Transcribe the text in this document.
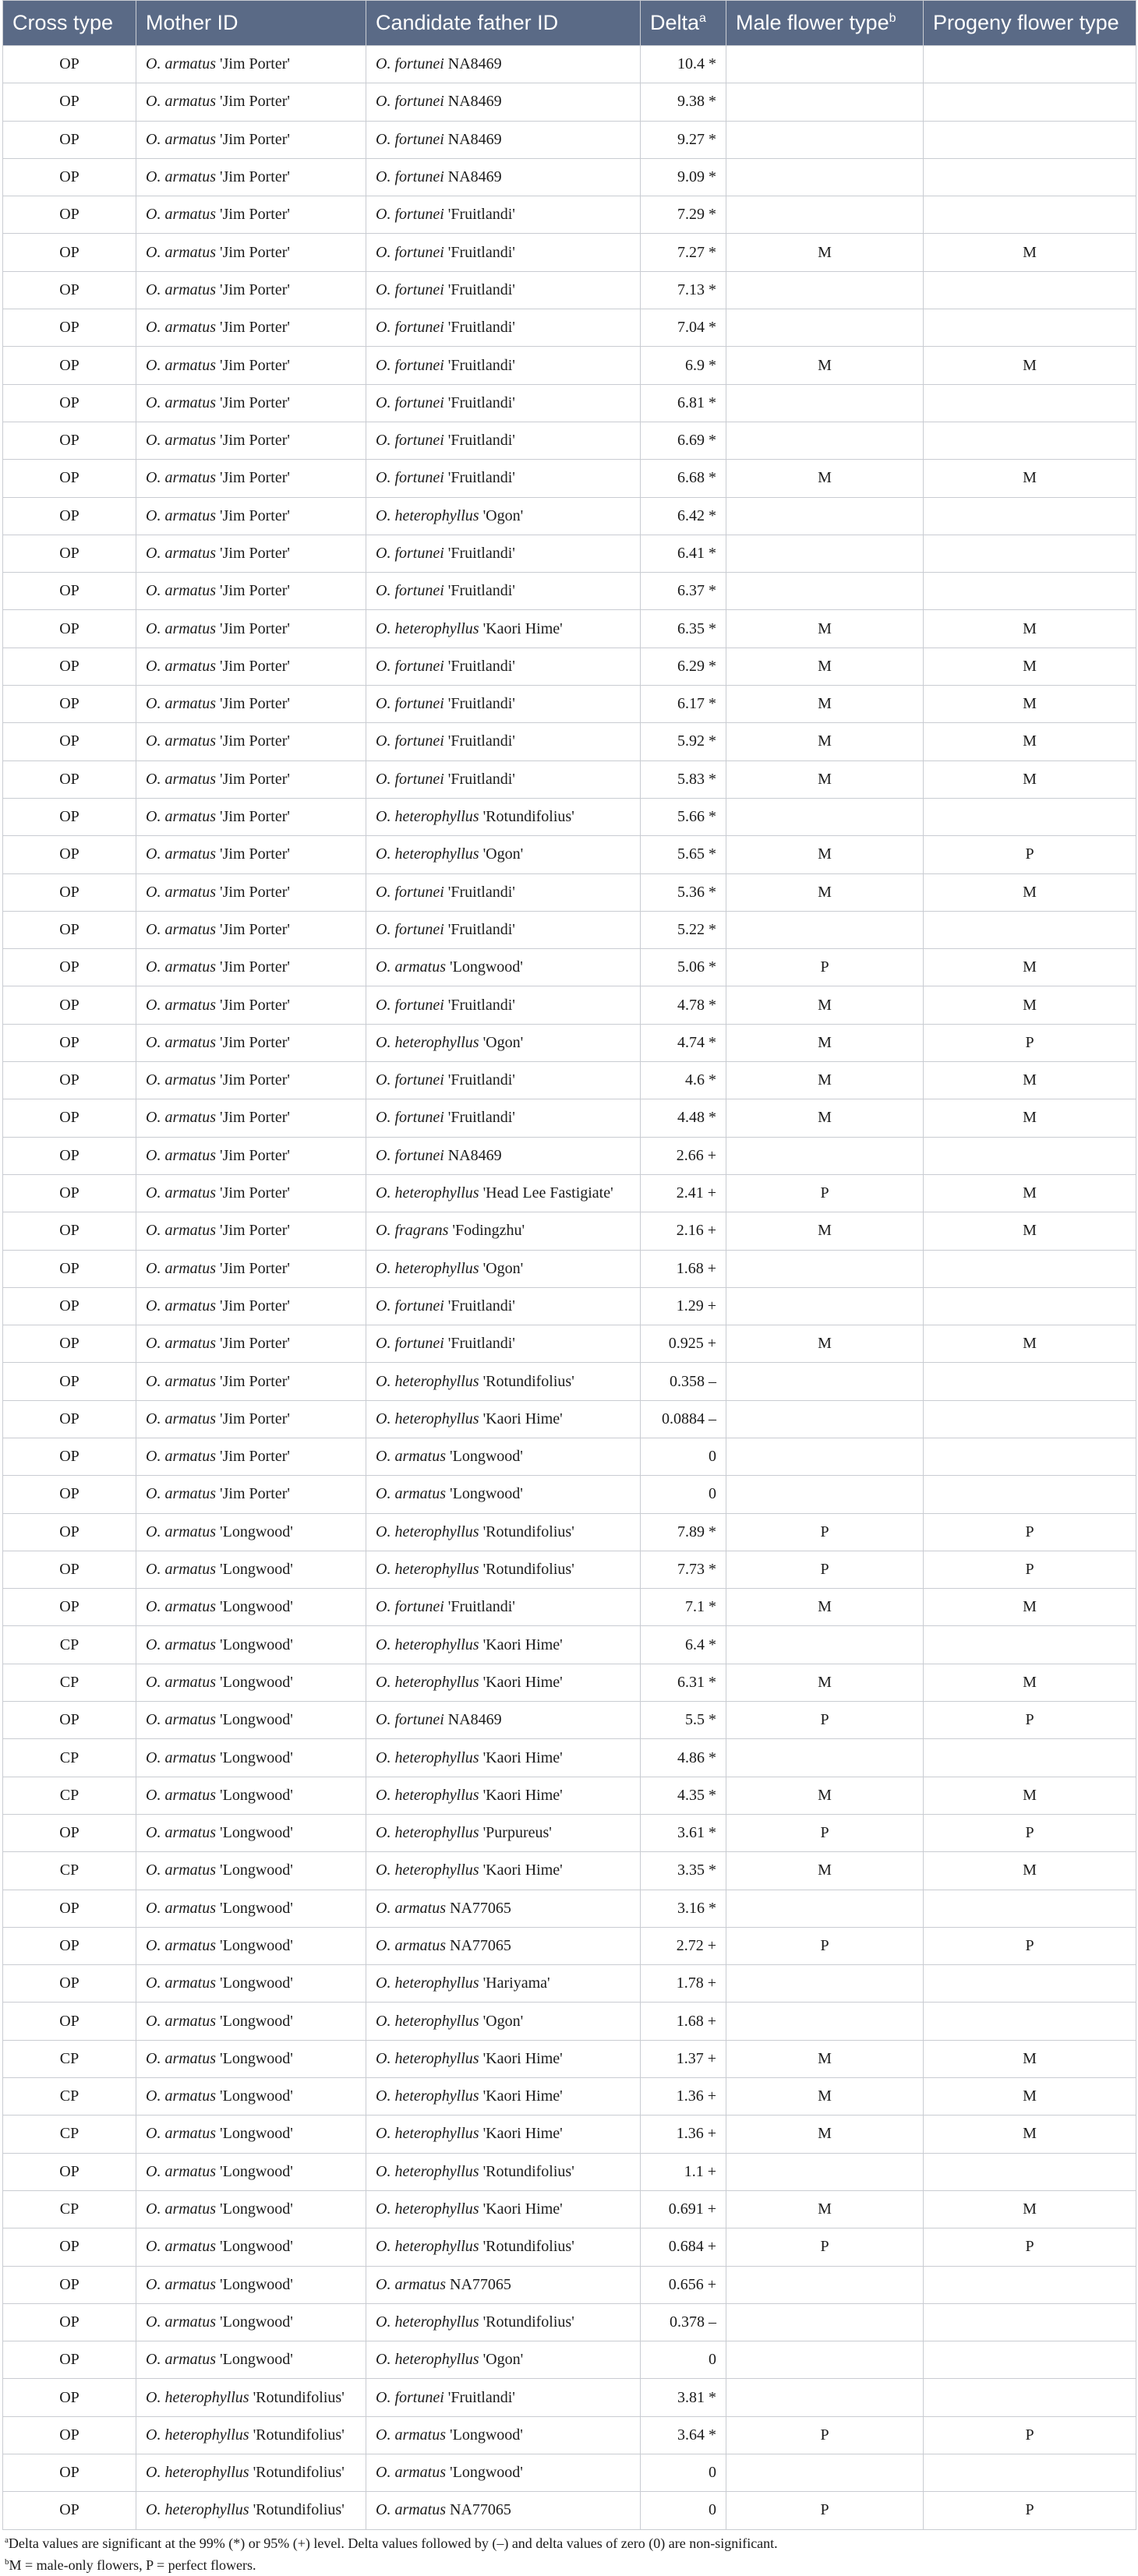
Cross type	Mother ID	Candidate father ID	Delta$^a$	Male flower type$^b$	Progeny flower type
OP	O. armatus 'Jim Porter'	O. fortunei NA8469	10.4 *		
OP	O. armatus 'Jim Porter'	O. fortunei NA8469	9.38 *		
OP	O. armatus 'Jim Porter'	O. fortunei NA8469	9.27 *		
OP	O. armatus 'Jim Porter'	O. fortunei NA8469	9.09 *		
OP	O. armatus 'Jim Porter'	O. fortunei 'Fruitlandi'	7.29 *		
OP	O. armatus 'Jim Porter'	O. fortunei 'Fruitlandi'	7.27 *	M	M
OP	O. armatus 'Jim Porter'	O. fortunei 'Fruitlandi'	7.13 *		
OP	O. armatus 'Jim Porter'	O. fortunei 'Fruitlandi'	7.04 *		
OP	O. armatus 'Jim Porter'	O. fortunei 'Fruitlandi'	6.9 *	M	M
OP	O. armatus 'Jim Porter'	O. fortunei 'Fruitlandi'	6.81 *		
OP	O. armatus 'Jim Porter'	O. fortunei 'Fruitlandi'	6.69 *		
OP	O. armatus 'Jim Porter'	O. fortunei 'Fruitlandi'	6.68 *	M	M
OP	O. armatus 'Jim Porter'	O. heterophyllus 'Ogon'	6.42 *		
OP	O. armatus 'Jim Porter'	O. fortunei 'Fruitlandi'	6.41 *		
OP	O. armatus 'Jim Porter'	O. fortunei 'Fruitlandi'	6.37 *		
OP	O. armatus 'Jim Porter'	O. heterophyllus 'Kaori Hime'	6.35 *	M	M
OP	O. armatus 'Jim Porter'	O. fortunei 'Fruitlandi'	6.29 *	M	M
OP	O. armatus 'Jim Porter'	O. fortunei 'Fruitlandi'	6.17 *	M	M
OP	O. armatus 'Jim Porter'	O. fortunei 'Fruitlandi'	5.92 *	M	M
OP	O. armatus 'Jim Porter'	O. fortunei 'Fruitlandi'	5.83 *	M	M
OP	O. armatus 'Jim Porter'	O. heterophyllus 'Rotundifolius'	5.66 *		
OP	O. armatus 'Jim Porter'	O. heterophyllus 'Ogon'	5.65 *	M	P
OP	O. armatus 'Jim Porter'	O. fortunei 'Fruitlandi'	5.36 *	M	M
OP	O. armatus 'Jim Porter'	O. fortunei 'Fruitlandi'	5.22 *		
OP	O. armatus 'Jim Porter'	O. armatus 'Longwood'	5.06 *	P	M
OP	O. armatus 'Jim Porter'	O. fortunei 'Fruitlandi'	4.78 *	M	M
OP	O. armatus 'Jim Porter'	O. heterophyllus 'Ogon'	4.74 *	M	P
OP	O. armatus 'Jim Porter'	O. fortunei 'Fruitlandi'	4.6 *	M	M
OP	O. armatus 'Jim Porter'	O. fortunei 'Fruitlandi'	4.48 *	M	M
OP	O. armatus 'Jim Porter'	O. fortunei NA8469	2.66 +		
OP	O. armatus 'Jim Porter'	O. heterophyllus 'Head Lee Fastigiate'	2.41 +	P	M
OP	O. armatus 'Jim Porter'	O. fragrans 'Fodingzhu'	2.16 +	M	M
OP	O. armatus 'Jim Porter'	O. heterophyllus 'Ogon'	1.68 +		
OP	O. armatus 'Jim Porter'	O. fortunei 'Fruitlandi'	1.29 +		
OP	O. armatus 'Jim Porter'	O. fortunei 'Fruitlandi'	0.925 +	M	M
OP	O. armatus 'Jim Porter'	O. heterophyllus 'Rotundifolius'	0.358 –		
OP	O. armatus 'Jim Porter'	O. heterophyllus 'Kaori Hime'	0.0884 –		
OP	O. armatus 'Jim Porter'	O. armatus 'Longwood'	0		
OP	O. armatus 'Jim Porter'	O. armatus 'Longwood'	0		
OP	O. armatus 'Longwood'	O. heterophyllus 'Rotundifolius'	7.89 *	P	P
OP	O. armatus 'Longwood'	O. heterophyllus 'Rotundifolius'	7.73 *	P	P
OP	O. armatus 'Longwood'	O. fortunei 'Fruitlandi'	7.1 *	M	M
CP	O. armatus 'Longwood'	O. heterophyllus 'Kaori Hime'	6.4 *		
CP	O. armatus 'Longwood'	O. heterophyllus 'Kaori Hime'	6.31 *	M	M
OP	O. armatus 'Longwood'	O. fortunei NA8469	5.5 *	P	P
CP	O. armatus 'Longwood'	O. heterophyllus 'Kaori Hime'	4.86 *		
CP	O. armatus 'Longwood'	O. heterophyllus 'Kaori Hime'	4.35 *	M	M
OP	O. armatus 'Longwood'	O. heterophyllus 'Purpureus'	3.61 *	P	P
CP	O. armatus 'Longwood'	O. heterophyllus 'Kaori Hime'	3.35 *	M	M
OP	O. armatus 'Longwood'	O. armatus NA77065	3.16 *		
OP	O. armatus 'Longwood'	O. armatus NA77065	2.72 +	P	P
OP	O. armatus 'Longwood'	O. heterophyllus 'Hariyama'	1.78 +		
OP	O. armatus 'Longwood'	O. heterophyllus 'Ogon'	1.68 +		
CP	O. armatus 'Longwood'	O. heterophyllus 'Kaori Hime'	1.37 +	M	M
CP	O. armatus 'Longwood'	O. heterophyllus 'Kaori Hime'	1.36 +	M	M
CP	O. armatus 'Longwood'	O. heterophyllus 'Kaori Hime'	1.36 +	M	M
OP	O. armatus 'Longwood'	O. heterophyllus 'Rotundifolius'	1.1 +		
CP	O. armatus 'Longwood'	O. heterophyllus 'Kaori Hime'	0.691 +	M	M
OP	O. armatus 'Longwood'	O. heterophyllus 'Rotundifolius'	0.684 +	P	P
OP	O. armatus 'Longwood'	O. armatus NA77065	0.656 +		
OP	O. armatus 'Longwood'	O. heterophyllus 'Rotundifolius'	0.378 –		
OP	O. armatus 'Longwood'	O. heterophyllus 'Ogon'	0		
OP	O. heterophyllus 'Rotundifolius'	O. fortunei 'Fruitlandi'	3.81 *		
OP	O. heterophyllus 'Rotundifolius'	O. armatus 'Longwood'	3.64 *	P	P
OP	O. heterophyllus 'Rotundifolius'	O. armatus 'Longwood'	0		
OP	O. heterophyllus 'Rotundifolius'	O. armatus NA77065	0	P	P
$^a$Delta values are significant at the 99% (*) or 95% (+) level. Delta values followed by (–) and delta values of zero (0) are non-significant.
$^b$M = male-only flowers, P = perfect flowers.
